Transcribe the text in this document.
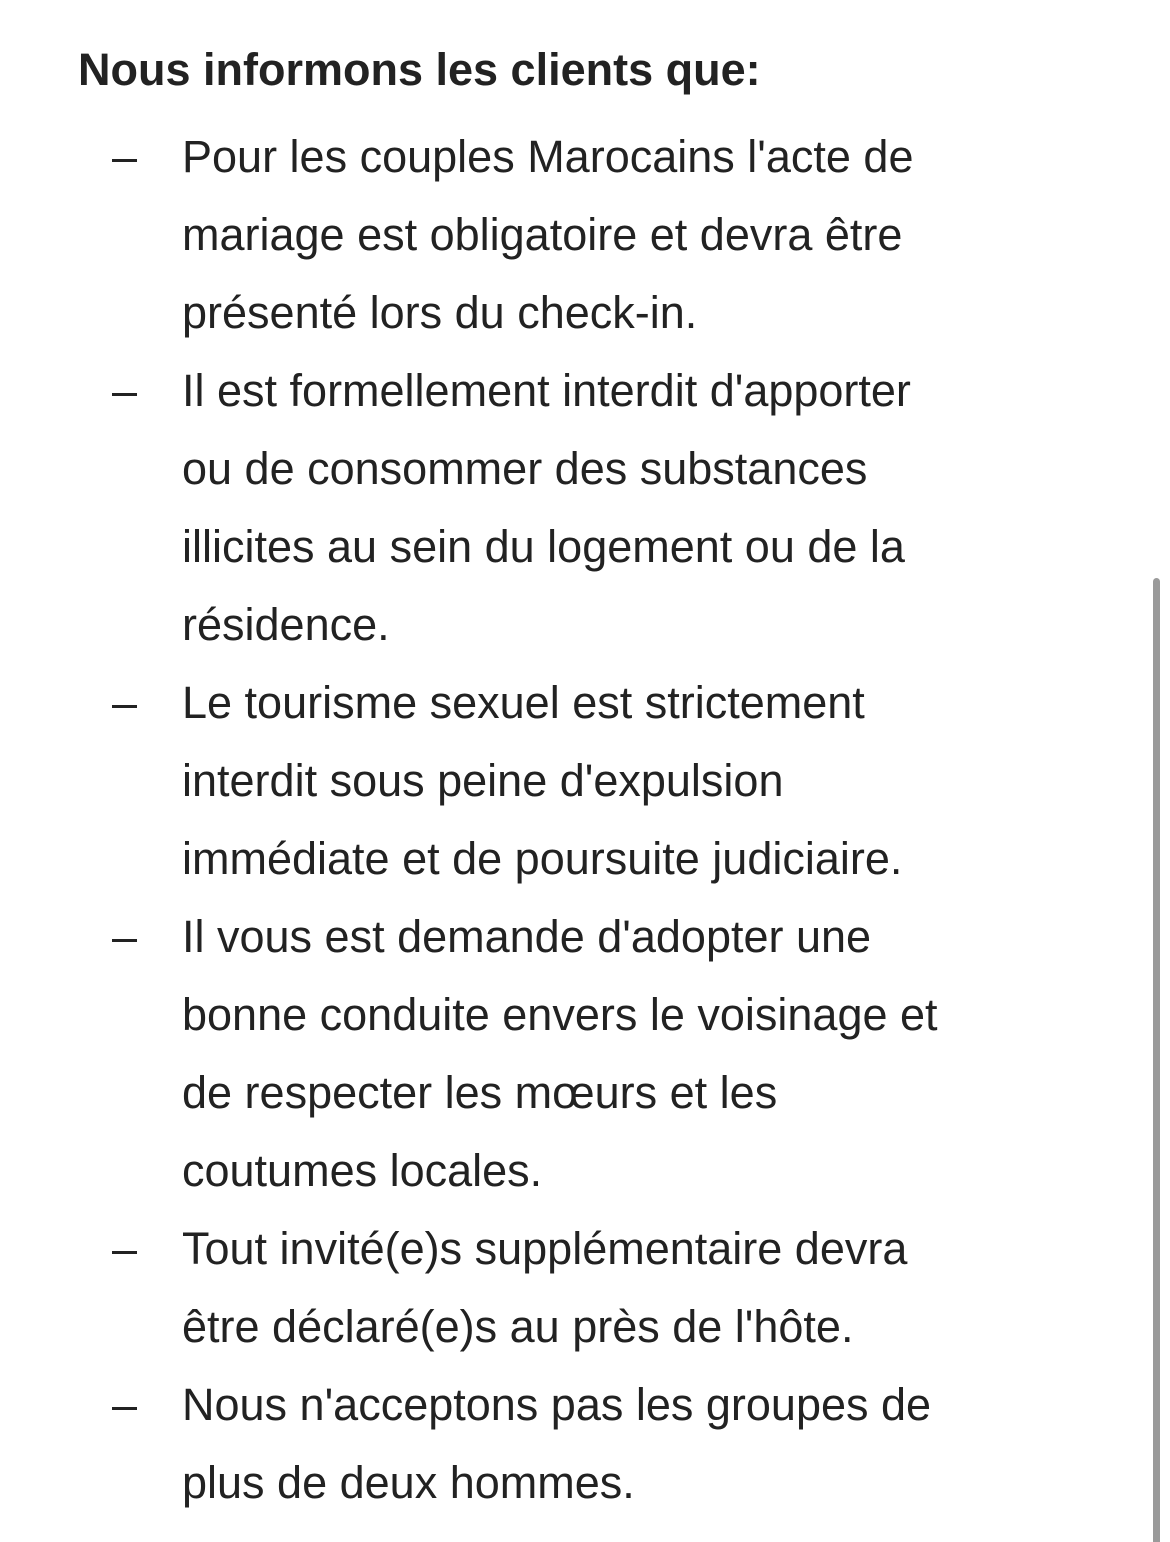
Nous informons les clients que:
– Pour les couples Marocains l'acte de
mariage est obligatoire et devra être
présenté lors du check-in.
– Il est formellement interdit d'apporter
ou de consommer des substances
illicites au sein du logement ou de la
résidence.
– Le tourisme sexuel est strictement
interdit sous peine d'expulsion
immédiate et de poursuite judiciaire.
– Il vous est demande d'adopter une
bonne conduite envers le voisinage et
de respecter les mœurs et les
coutumes locales.
– Tout invité(e)s supplémentaire devra
être déclaré(e)s au près de l'hôte.
– Nous n'acceptons pas les groupes de
plus de deux hommes.
